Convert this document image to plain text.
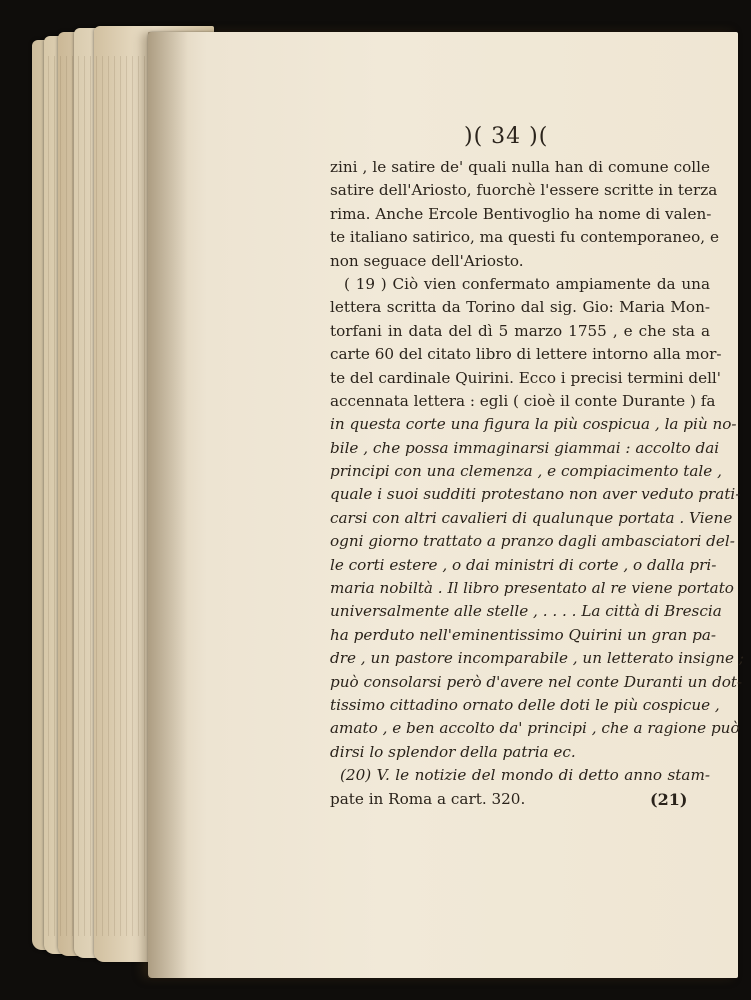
)( 34 )(
zini , le satire de' quali nulla han di comune colle
satire dell'Ariosto, fuorchè l'essere scritte in terza
rima. Anche Ercole Bentivoglio ha nome di valen-
te italiano satirico, ma questi fu contemporaneo, e
non seguace dell'Ariosto.
( 19 ) Ciò vien confermato ampiamente da una
lettera scritta da Torino dal sig. Gio: Maria Mon-
torfani in data del dì 5 marzo 1755 , e che sta a
carte 60 del citato libro di lettere intorno alla mor-
te del cardinale Quirini. Ecco i precisi termini dell'
accennata lettera : egli ( cioè il conte Durante ) fa
in questa corte una figura la più cospicua , la più no-
bile , che possa immaginarsi giammai : accolto dai
principi con una clemenza , e compiacimento tale ,
quale i suoi sudditi protestano non aver veduto prati-
carsi con altri cavalieri di qualunque portata . Viene
ogni giorno trattato a pranzo dagli ambasciatori del-
le corti estere , o dai ministri di corte , o dalla pri-
maria nobiltà . Il libro presentato al re viene portato
universalmente alle stelle , . . . . La città di Brescia
ha perduto nell'eminentissimo Quirini un gran pa-
dre , un pastore incomparabile , un letterato insigne ;
può consolarsi però d'avere nel conte Duranti un dot-
tissimo cittadino ornato delle doti le più cospicue ,
amato , e ben accolto da' principi , che a ragione può
dirsi lo splendor della patria ec.
(20) V. le notizie del mondo di detto anno stam-
pate in Roma a cart. 320.	(21)
